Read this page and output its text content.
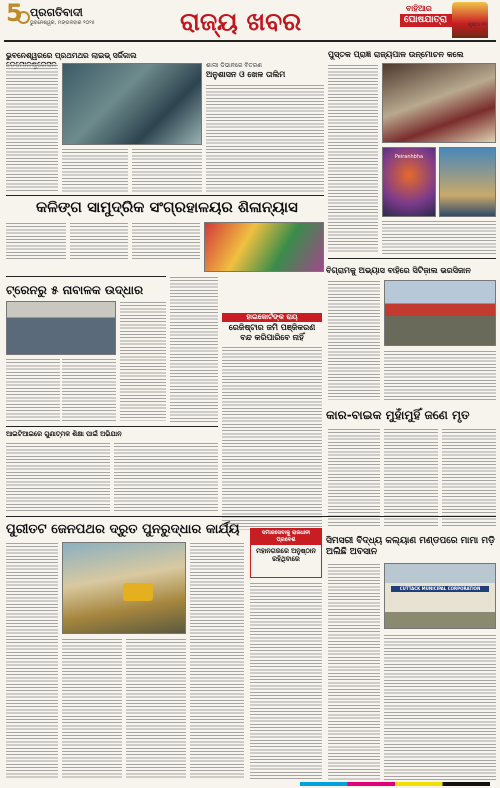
5 ପ୍ରଗତିବାଦୀ
ଭୁବନେଶ୍ୱର, ମଙ୍ଗଳବାର ୨୦୨୫	ରାଜ୍ୟ ଖବର	ବାହିଆର
ଘୋଷଯାତ୍ରା	ପୃଷ୍ଠା ୧୨
ଭୁବନେଶ୍ୱରରେ ପ୍ରଥମଥର ଲାଇଭ୍ ସର୍ଜିକାଲ
ଶାଲୀ ଡିଭାନରେ ବିତରଣ
ଅନୁଶାସନ ଓ ଖେଳ ତାଲିମ
ପୁସ୍ତକ ପ୍ରାଜ୍ଞ ରାଜ୍ୟପାଳ ଉନ୍ମୋଚନ କଲେ
Peiranhbha
କଳିଙ୍ଗ ସାମୁଦ୍ରିକ ସଂଗ୍ରହାଳୟର ଶିଳାନ୍ୟାସ
ଟ୍ରେନରୁ ୫ ନାବାଳକ ଉଦ୍ଧାର
ହାଇକୋର୍ଟଙ୍କ ରାୟ
ରେଜିଷ୍ଟାର ଜମି ପଞ୍ଜିକରଣ ବନ୍ଦ କରିପାରିବେ ନାହିଁ
ବିଗ୍ରାମକୁ ଅଭ୍ୟାସ ବାହିରେ ସିଟିଜ଼ାଲ ଭରସିଜାନ
କାର-ବାଇକ ମୁହାଁମୁହିଁ ଜଣେ ମୃତ
ଆଇଟିଆଇରେ ଗୁଣାତ୍ମକ ଶିକ୍ଷା ପାଇଁ ଅଭିଯାନ
ପୁରୀତଟ ଜେନପଥର ଦ୍ରୁତ ପୁନରୁଦ୍ଧାର କାର୍ଯ୍ୟ	ସମାଜସେବାକୁ ରାଜଧାନୀ ପ୍ରବେଶ
ମହାନଗରରେ ଅନୁଷ୍ଠାନ ରହିଥିବାରେ
ସିମସରୀ ବିଦ୍ଧ୍ୟ କଲ୍ୟାଣ ମଣ୍ଡପରେ ମାମା ମଡ଼ି ଅଲିଛି ଅବସାନ
CUTTACK MUNICIPAL CORPORATION
